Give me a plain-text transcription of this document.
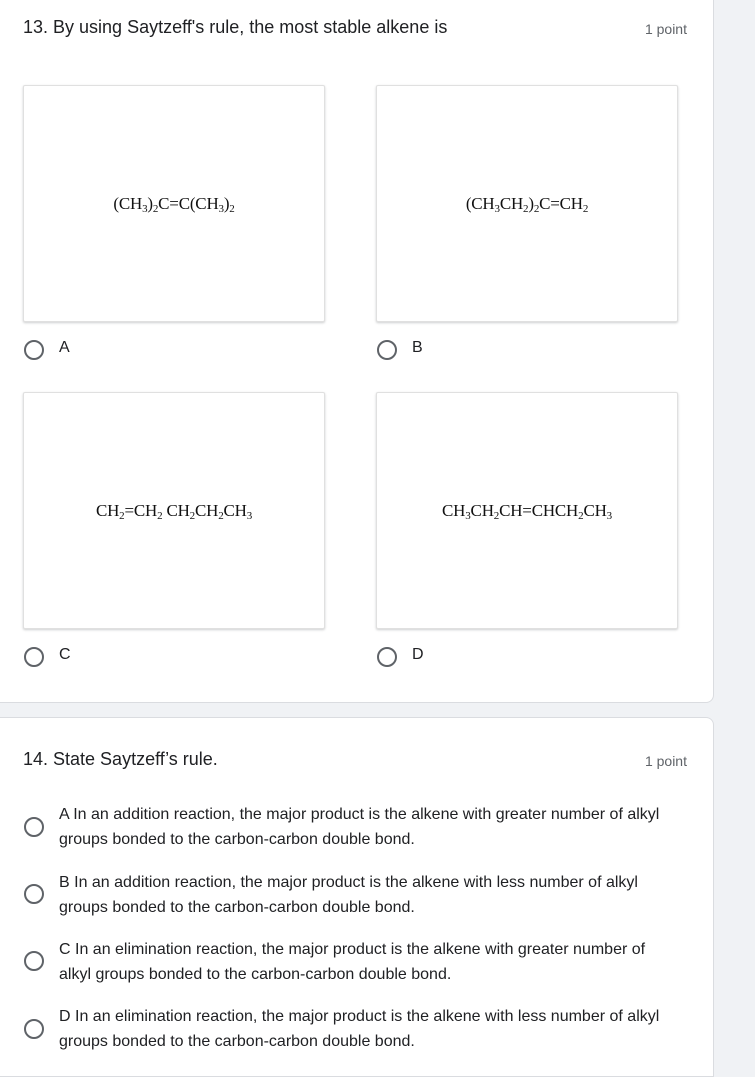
13. By using Saytzeff's rule, the most stable alkene is	1 point
(CH3)2C=C(CH3)2
A
(CH3CH2)2C=CH2
B
CH2=CH2 CH2CH2CH3
C
CH3CH2CH=CHCH2CH3
D
14. State Saytzeff’s rule.	1 point
A In an addition reaction, the major product is the alkene with greater number of alkyl groups bonded to the carbon-carbon double bond.
B In an addition reaction, the major product is the alkene with less number of alkyl groups bonded to the carbon-carbon double bond.
C In an elimination reaction, the major product is the alkene with greater number of alkyl groups bonded to the carbon-carbon double bond.
D In an elimination reaction, the major product is the alkene with less number of alkyl groups bonded to the carbon-carbon double bond.
